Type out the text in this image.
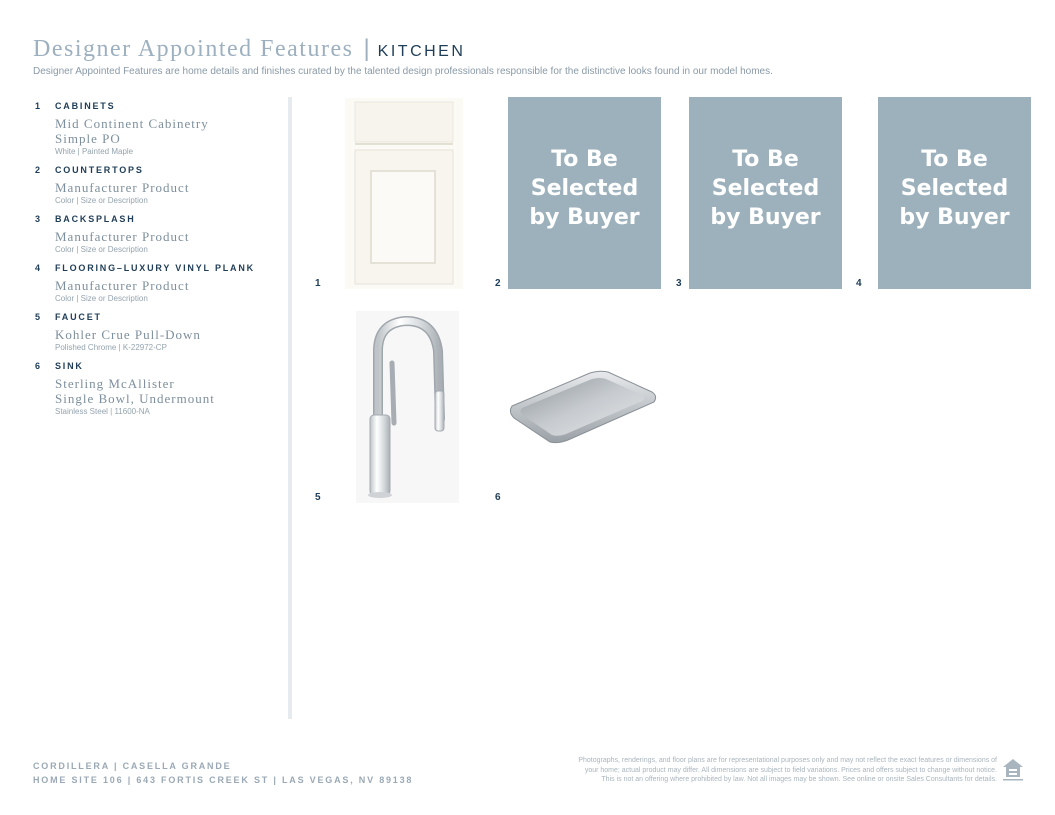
Designer Appointed Features | KITCHEN
Designer Appointed Features are home details and finishes curated by the talented design professionals responsible for the distinctive looks found in our model homes.
1	CABINETS
Mid Continent Cabinetry
Simple PO
White | Painted Maple
2	COUNTERTOPS
Manufacturer Product
Color | Size or Description
3	BACKSPLASH
Manufacturer Product
Color | Size or Description
4	FLOORING–LUXURY VINYL PLANK
Manufacturer Product
Color | Size or Description
5	FAUCET
Kohler Crue Pull-Down
Polished Chrome | K-22972-CP
6	SINK
Sterling McAllister
Single Bowl, Undermount
Stainless Steel | 11600-NA
1	2
To Be
Selected
by Buyer
3
To Be
Selected
by Buyer
4
To Be
Selected
by Buyer
5	6
CORDILLERA | CASELLA GRANDE
HOME SITE 106 | 643 FORTIS CREEK ST | LAS VEGAS, NV 89138
Photographs, renderings, and floor plans are for representational purposes only and may not reflect the exact features or dimensions of
your home; actual product may differ. All dimensions are subject to field variations. Prices and offers subject to change without notice.
This is not an offering where prohibited by law. Not all images may be shown. See online or onsite Sales Consultants for details.
